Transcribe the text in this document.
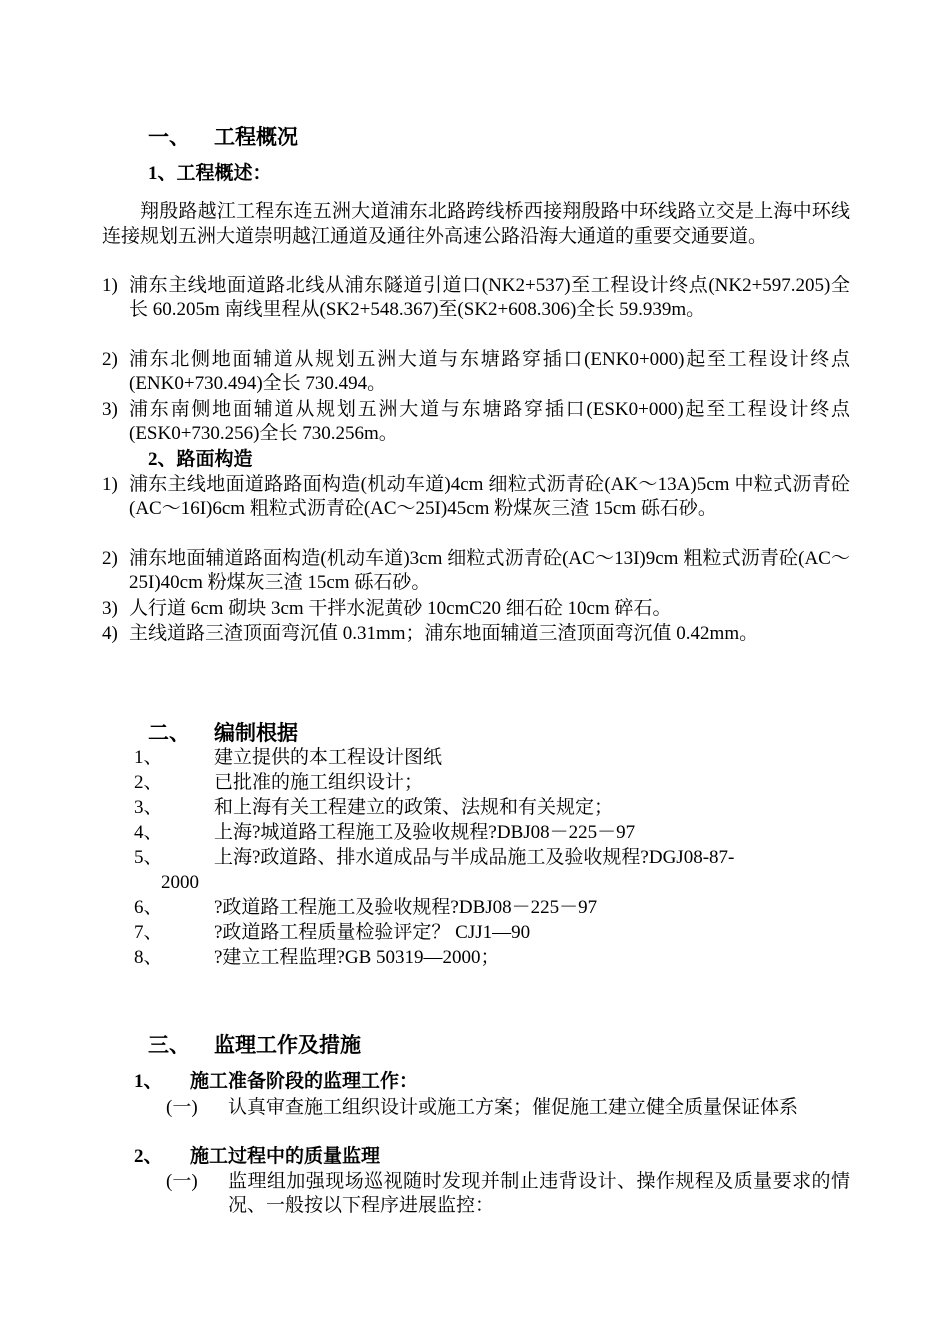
一、 工程概况
1、工程概述：
翔殷路越江工程东连五洲大道浦东北路跨线桥西接翔殷路中环线路立交是上海中环线连接规划五洲大道崇明越江通道及通往外高速公路沿海大通道的重要交通要道。
1) 浦东主线地面道路北线从浦东隧道引道口(NK2+537)至工程设计终点(NK2+597.205)全长 60.205m 南线里程从(SK2+548.367)至(SK2+608.306)全长 59.939m。
2) 浦东北侧地面辅道从规划五洲大道与东塘路穿插口(ENK0+000)起至工程设计终点(ENK0+730.494)全长 730.494。
3) 浦东南侧地面辅道从规划五洲大道与东塘路穿插口(ESK0+000)起至工程设计终点(ESK0+730.256)全长 730.256m。
2、路面构造
1) 浦东主线地面道路路面构造(机动车道)4cm 细粒式沥青砼(AK～13A)5cm 中粒式沥青砼(AC～16I)6cm 粗粒式沥青砼(AC～25I)45cm 粉煤灰三渣 15cm 砾石砂。
2) 浦东地面辅道路面构造(机动车道)3cm 细粒式沥青砼(AC～13I)9cm 粗粒式沥青砼(AC～25I)40cm 粉煤灰三渣 15cm 砾石砂。
3) 人行道 6cm 砌块 3cm 干拌水泥黄砂 10cmC20 细石砼 10cm 碎石。
4) 主线道路三渣顶面弯沉值 0.31mm；浦东地面辅道三渣顶面弯沉值 0.42mm。
二、 编制根据
1、	建立提供的本工程设计图纸
2、	已批准的施工组织设计；
3、	和上海有关工程建立的政策、法规和有关规定；
4、	上海?城道路工程施工及验收规程?DBJ08－225－97
5、	上海?政道路、排水道成品与半成品施工及验收规程?DGJ08-87-
2000
6、	?政道路工程施工及验收规程?DBJ08－225－97
7、	?政道路工程质量检验评定？ CJJ1—90
8、	?建立工程监理?GB 50319—2000；
三、 监理工作及措施
1、 施工准备阶段的监理工作：
(一) 认真审查施工组织设计或施工方案；催促施工建立健全质量保证体系
2、 施工过程中的质量监理
(一) 监理组加强现场巡视随时发现并制止违背设计、操作规程及质量要求的情况、一般按以下程序进展监控：
